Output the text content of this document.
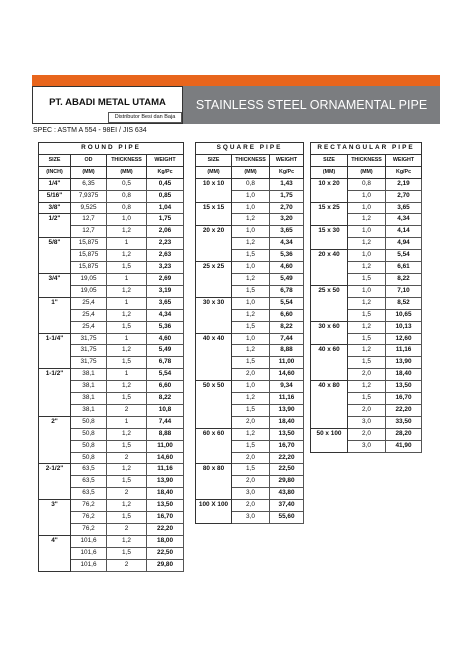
PT. ABADI METAL UTAMA
Distributor Besi dan Baja
STAINLESS STEEL ORNAMENTAL PIPE
SPEC : ASTM A 554 - 98EI / JIS 634
ROUND PIPE			
SIZE	OD	THICKNESS	WEIGHT
(INCH)	(MM)	(MM)	Kg/Pc
1/4"	6,35	0,5	0,45
5/16"	7,9375	0,8	0,85
3/8"	9,525	0,8	1,04
1/2"	12,7	1,0	1,75
	12,7	1,2	2,06
5/8"	15,875	1	2,23
	15,875	1,2	2,63
	15,875	1,5	3,23
3/4"	19,05	1	2,69
	19,05	1,2	3,19
1"	25,4	1	3,65
	25,4	1,2	4,34
	25,4	1,5	5,36
1-1/4"	31,75	1	4,60
	31,75	1,2	5,49
	31,75	1,5	6,78
1-1/2"	38,1	1	5,54
	38,1	1,2	6,60
	38,1	1,5	8,22
	38,1	2	10,8
2"	50,8	1	7,44
	50,8	1,2	8,88
	50,8	1,5	11,00
	50,8	2	14,60
2-1/2"	63,5	1,2	11,16
	63,5	1,5	13,90
	63,5	2	18,40
3"	76,2	1,2	13,50
	76,2	1,5	16,70
	76,2	2	22,20
4"	101,6	1,2	18,00
	101,6	1,5	22,50
	101,6	2	29,80
SQUARE PIPE		
SIZE	THICKNESS	WEIGHT
(MM)	(MM)	Kg/Pc
10 x 10	0,8	1,43
	1,0	1,75
15 x 15	1,0	2,70
	1,2	3,20
20 x 20	1,0	3,65
	1,2	4,34
	1,5	5,36
25 x 25	1,0	4,60
	1,2	5,49
	1,5	6,78
30 x 30	1,0	5,54
	1,2	6,60
	1,5	8,22
40 x 40	1,0	7,44
	1,2	8,88
	1,5	11,00
	2,0	14,60
50 x 50	1,0	9,34
	1,2	11,16
	1,5	13,90
	2,0	18,40
60 x 60	1,2	13,50
	1,5	16,70
	2,0	22,20
80 x 80	1,5	22,50
	2,0	29,80
	3,0	43,80
100 X 100	2,0	37,40
	3,0	55,60
RECTANGULAR PIPE		
SIZE	THICKNESS	WEIGHT
(MM)	(MM)	Kg/Pc
10 x 20	0,8	2,19
	1,0	2,70
15 x 25	1,0	3,65
	1,2	4,34
15 x 30	1,0	4,14
	1,2	4,94
20 x 40	1,0	5,54
	1,2	6,61
	1,5	8,22
25 x 50	1,0	7,10
	1,2	8,52
	1,5	10,65
30 x 60	1,2	10,13
	1,5	12,60
40 x 60	1,2	11,16
	1,5	13,90
	2,0	18,40
40 x 80	1,2	13,50
	1,5	16,70
	2,0	22,20
	3,0	33,50
50 x 100	2,0	28,20
	3,0	41,90
